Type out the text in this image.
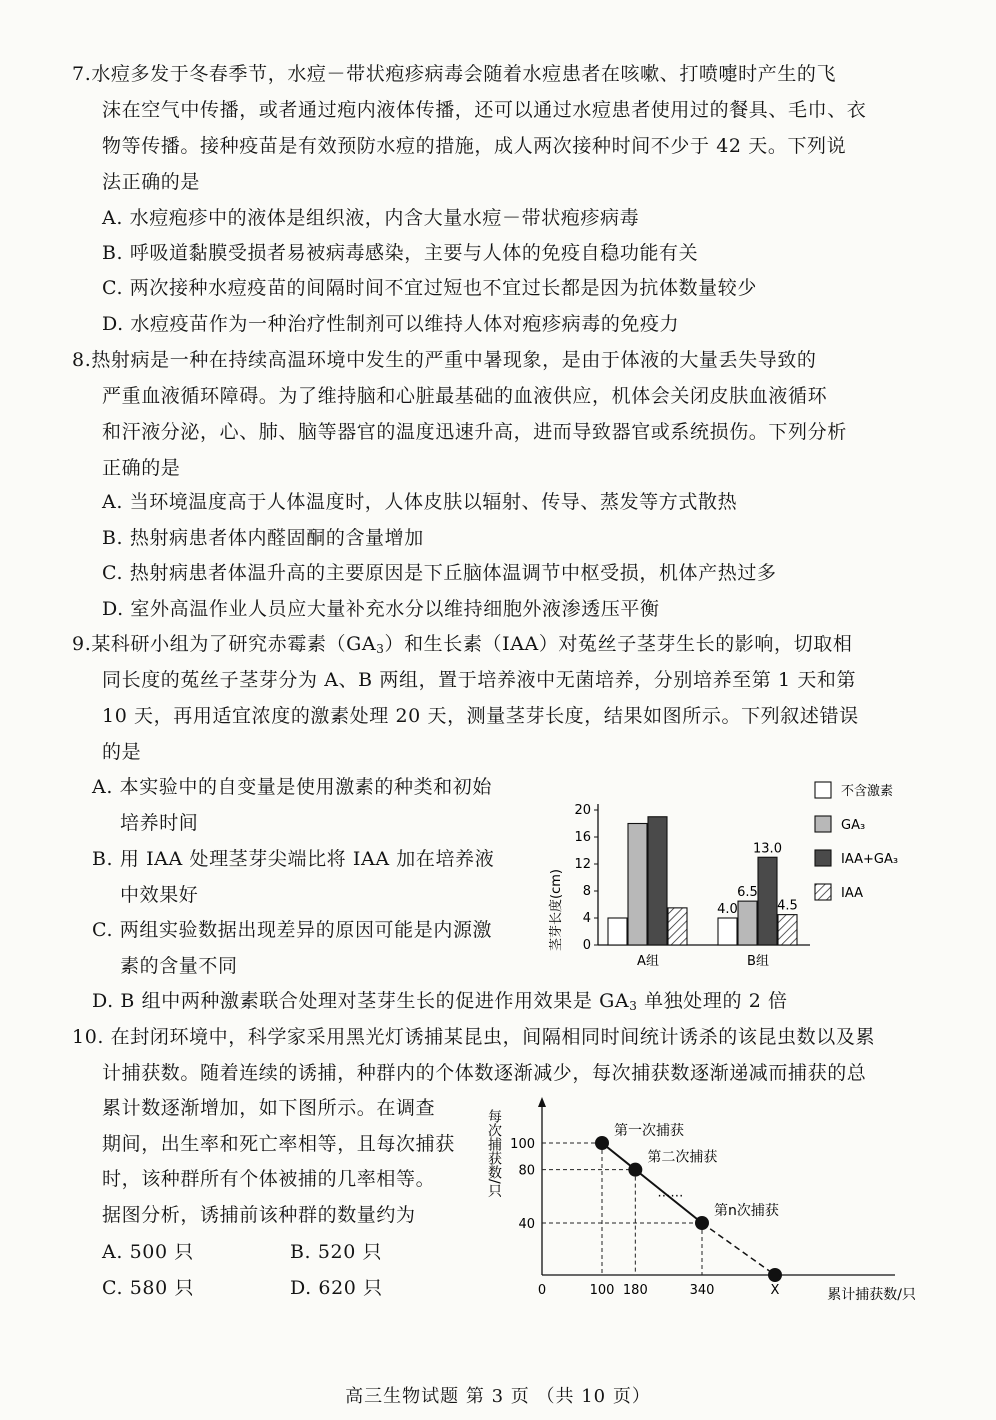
7.水痘多发于冬春季节，水痘－带状疱疹病毒会随着水痘患者在咳嗽、打喷嚏时产生的飞
沫在空气中传播，或者通过疱内液体传播，还可以通过水痘患者使用过的餐具、毛巾、衣
物等传播。接种疫苗是有效预防水痘的措施，成人两次接种时间不少于 42 天。下列说
法正确的是
A. 水痘疱疹中的液体是组织液，内含大量水痘－带状疱疹病毒
B. 呼吸道黏膜受损者易被病毒感染，主要与人体的免疫自稳功能有关
C. 两次接种水痘疫苗的间隔时间不宜过短也不宜过长都是因为抗体数量较少
D. 水痘疫苗作为一种治疗性制剂可以维持人体对疱疹病毒的免疫力
8.热射病是一种在持续高温环境中发生的严重中暑现象，是由于体液的大量丢失导致的
严重血液循环障碍。为了维持脑和心脏最基础的血液供应，机体会关闭皮肤血液循环
和汗液分泌，心、肺、脑等器官的温度迅速升高，进而导致器官或系统损伤。下列分析
正确的是
A. 当环境温度高于人体温度时，人体皮肤以辐射、传导、蒸发等方式散热
B. 热射病患者体内醛固酮的含量增加
C. 热射病患者体温升高的主要原因是下丘脑体温调节中枢受损，机体产热过多
D. 室外高温作业人员应大量补充水分以维持细胞外液渗透压平衡
9.某科研小组为了研究赤霉素$(GA_3)$和生长素（IAA）对菟丝子茎芽生长的影响，切取相
同长度的菟丝子茎芽分为 A、B 两组，置于培养液中无菌培养，分别培养至第 1 天和第
10 天，再用适宜浓度的激素处理 20 天，测量茎芽长度，结果如图所示。下列叙述错误
的是
A. 本实验中的自变量是使用激素的种类和初始
培养时间
B. 用 IAA 处理茎芽尖端比将 IAA 加在培养液
中效果好
C. 两组实验数据出现差异的原因可能是内源激
素的含量不同
D. B 组中两种激素联合处理对茎芽生长的促进作用效果是 $GA_3$ 单独处理的 2 倍
0
4
8
12
16
20
A组	B组
4.0
6.5
13.0
4.5
不含激素
GA₃
IAA+GA₃
IAA
茎芽长度(cm)
10. 在封闭环境中，科学家采用黑光灯诱捕某昆虫，间隔相同时间统计诱杀的该昆虫数以及累
计捕获数。随着连续的诱捕，种群内的个体数逐渐减少，每次捕获数逐渐递减而捕获的总
累计数逐渐增加，如下图所示。在调查
期间，出生率和死亡率相等，且每次捕获
时，该种群所有个体被捕的几率相等。
据图分析，诱捕前该种群的数量约为
A. 500 只	B. 520 只
C. 580 只	D. 620 只
40
80
100
0	100 180	340	X
第一次捕获
第二次捕获
第n次捕获
……
每次捕获数/只
累计捕获数/只
高三生物试题 第 3 页 （共 10 页）
